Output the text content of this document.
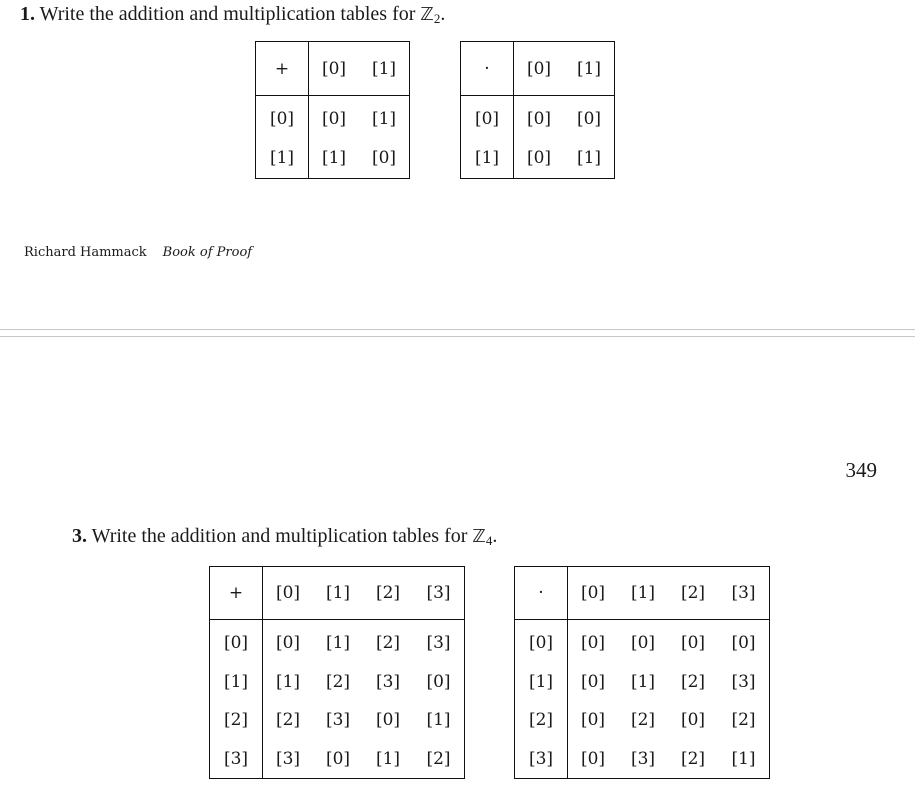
1. Write the addition and multiplication tables for ℤ$_2$.
+	[0]	[1]
[0]	[0]	[1]
[1]	[1]	[0]
·	[0]	[1]
[0]	[0]	[0]
[1]	[0]	[1]
Richard Hammack Book of Proof
349
3. Write the addition and multiplication tables for ℤ$_4$.
+	[0]	[1]	[2]	[3]
[0]	[0]	[1]	[2]	[3]
[1]	[1]	[2]	[3]	[0]
[2]	[2]	[3]	[0]	[1]
[3]	[3]	[0]	[1]	[2]
·	[0]	[1]	[2]	[3]
[0]	[0]	[0]	[0]	[0]
[1]	[0]	[1]	[2]	[3]
[2]	[0]	[2]	[0]	[2]
[3]	[0]	[3]	[2]	[1]
